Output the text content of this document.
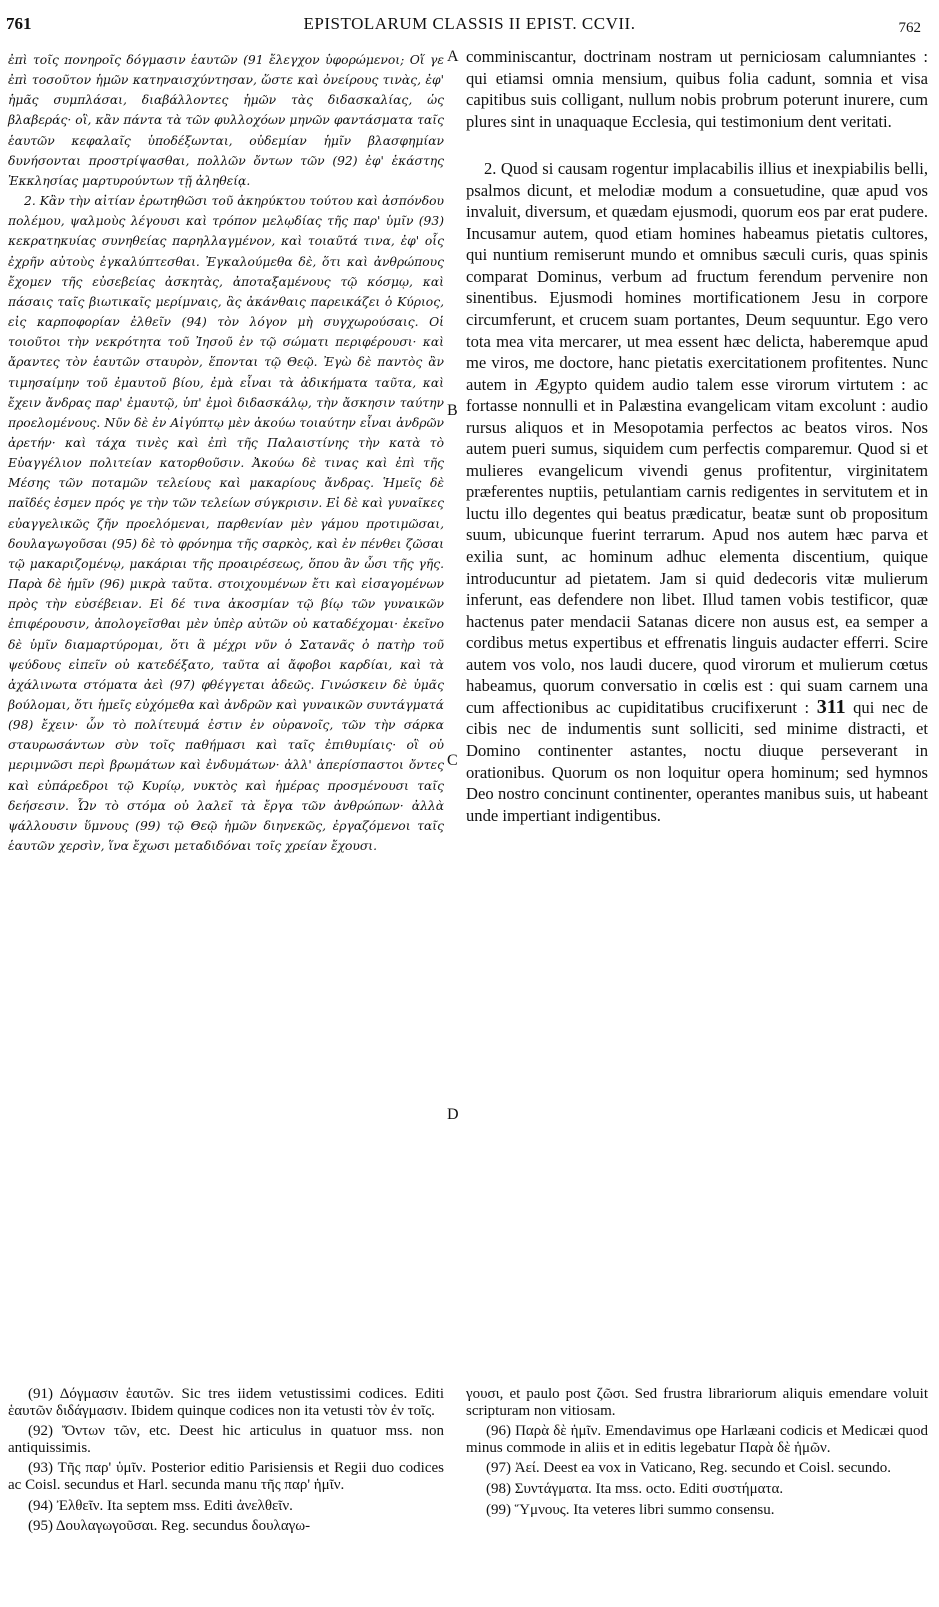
761	EPISTOLARUM CLASSIS II EPIST. CCVII.	762

ἐπὶ τοῖς πονηροῖς δόγμασιν ἑαυτῶν (91 ἔλεγχον ὑφορώμενοι; Οἵ γε ἐπὶ τοσοῦτον ἡμῶν κατηναισχύντησαν, ὥστε καὶ ὀνείρους τινὰς, ἐφ' ἡμᾶς συμπλάσαι, διαβάλλοντες ἡμῶν τὰς διδασκαλίας, ὡς βλαβεράς· οἳ, κἂν πάντα τὰ τῶν φυλλοχόων μηνῶν φαντάσματα ταῖς ἑαυτῶν κεφαλαῖς ὑποδέξωνται, οὐδεμίαν ἡμῖν βλασφημίαν δυνήσονται προστρίψασθαι, πολλῶν ὄντων τῶν (92) ἐφ' ἑκάστης Ἐκκλησίας μαρτυρούντων τῇ ἀληθείᾳ.

2. Κἂν τὴν αἰτίαν ἐρωτηθῶσι τοῦ ἀκηρύκτου τούτου καὶ ἀσπόνδου πολέμου, ψαλμοὺς λέγουσι καὶ τρόπον μελῳδίας τῆς παρ' ὑμῖν (93) κεκρατηκυίας συνηθείας παρηλλαγμένον, καὶ τοιαῦτά τινα, ἐφ' οἷς ἐχρῆν αὐτοὺς ἐγκαλύπτεσθαι. Ἐγκαλούμεθα δὲ, ὅτι καὶ ἀνθρώπους ἔχομεν τῆς εὐσεβείας ἀσκητὰς, ἀποταξαμένους τῷ κόσμῳ, καὶ πάσαις ταῖς βιωτικαῖς μερίμναις, ἃς ἀκάνθαις παρεικάζει ὁ Κύριος, εἰς καρποφορίαν ἐλθεῖν (94) τὸν λόγον μὴ συγχωρούσαις. Οἱ τοιοῦτοι τὴν νεκρότητα τοῦ Ἰησοῦ ἐν τῷ σώματι περιφέρουσι· καὶ ἄραντες τὸν ἑαυτῶν σταυρὸν, ἕπονται τῷ Θεῷ. Ἐγὼ δὲ παντὸς ἂν τιμησαίμην τοῦ ἐμαυτοῦ βίου, ἐμὰ εἶναι τὰ ἀδικήματα ταῦτα, καὶ ἔχειν ἄνδρας παρ' ἐμαυτῷ, ὑπ' ἐμοὶ διδασκάλῳ, τὴν ἄσκησιν ταύτην προελομένους. Νῦν δὲ ἐν Αἰγύπτῳ μὲν ἀκούω τοιαύτην εἶναι ἀνδρῶν ἀρετήν· καὶ τάχα τινὲς καὶ ἐπὶ τῆς Παλαιστίνης τὴν κατὰ τὸ Εὐαγγέλιον πολιτείαν κατορθοῦσιν. Ἀκούω δὲ τινας καὶ ἐπὶ τῆς Μέσης τῶν ποταμῶν τελείους καὶ μακαρίους ἄνδρας. Ἡμεῖς δὲ παῖδές ἐσμεν πρός γε τὴν τῶν τελείων σύγκρισιν. Εἰ δὲ καὶ γυναῖκες εὐαγγελικῶς ζῆν προελόμεναι, παρθενίαν μὲν γάμου προτιμῶσαι, δουλαγωγοῦσαι (95) δὲ τὸ φρόνημα τῆς σαρκὸς, καὶ ἐν πένθει ζῶσαι τῷ μακαριζομένῳ, μακάριαι τῆς προαιρέσεως, ὅπου ἂν ὦσι τῆς γῆς. Παρὰ δὲ ἡμῖν (96) μικρὰ ταῦτα. στοιχουμένων ἔτι καὶ εἰσαγομένων πρὸς τὴν εὐσέβειαν. Εἰ δέ τινα ἀκοσμίαν τῷ βίῳ τῶν γυναικῶν ἐπιφέρουσιν, ἀπολογεῖσθαι μὲν ὑπὲρ αὐτῶν οὐ καταδέχομαι· ἐκεῖνο δὲ ὑμῖν διαμαρτύρομαι, ὅτι ἃ μέχρι νῦν ὁ Σατανᾶς ὁ πατὴρ τοῦ ψεύδους εἰπεῖν οὐ κατεδέξατο, ταῦτα αἱ ἄφοβοι καρδίαι, καὶ τὰ ἀχάλινωτα στόματα ἀεὶ (97) φθέγγεται ἀδεῶς. Γινώσκειν δὲ ὑμᾶς βούλομαι, ὅτι ἡμεῖς εὐχόμεθα καὶ ἀνδρῶν καὶ γυναικῶν συντάγματά (98) ἔχειν· ὧν τὸ πολίτευμά ἐστιν ἐν οὐρανοῖς, τῶν τὴν σάρκα σταυρωσάντων σὺν τοῖς παθήμασι καὶ ταῖς ἐπιθυμίαις· οἳ οὐ μεριμνῶσι περὶ βρωμάτων καὶ ἐνδυμάτων· ἀλλ' ἀπερίσπαστοι ὄντες καὶ εὐπάρεδροι τῷ Κυρίῳ, νυκτὸς καὶ ἡμέρας προσμένουσι ταῖς δεήσεσιν. Ὧν τὸ στόμα οὐ λαλεῖ τὰ ἔργα τῶν ἀνθρώπων· ἀλλὰ ψάλλουσιν ὕμνους (99) τῷ Θεῷ ἡμῶν διηνεκῶς, ἐργαζόμενοι ταῖς ἑαυτῶν χερσὶν, ἵνα ἔχωσι μεταδιδόναι τοῖς χρείαν ἔχουσι.

A
B
C
D

comminiscantur, doctrinam nostram ut perniciosam calumniantes : qui etiamsi omnia mensium, quibus folia cadunt, somnia et visa capitibus suis colligant, nullum nobis probrum poterunt inurere, cum plures sint in unaquaque Ecclesia, qui testimonium dent veritati.

2. Quod si causam rogentur implacabilis illius et inexpiabilis belli, psalmos dicunt, et melodiæ modum a consuetudine, quæ apud vos invaluit, diversum, et quædam ejusmodi, quorum eos par erat pudere. Incusamur autem, quod etiam homines habeamus pietatis cultores, qui nuntium remiserunt mundo et omnibus sæculi curis, quas spinis comparat Dominus, verbum ad fructum ferendum pervenire non sinentibus. Ejusmodi homines mortificationem Jesu in corpore circumferunt, et crucem suam portantes, Deum sequuntur. Ego vero tota mea vita mercarer, ut mea essent hæc delicta, haberemque apud me viros, me doctore, hanc pietatis exercitationem profitentes. Nunc autem in Ægypto quidem audio talem esse virorum virtutem : ac fortasse nonnulli et in Palæstina evangelicam vitam excolunt : audio rursus aliquos et in Mesopotamia perfectos ac beatos viros. Nos autem pueri sumus, siquidem cum perfectis comparemur. Quod si et mulieres evangelicum vivendi genus profitentur, virginitatem præferentes nuptiis, petulantiam carnis redigentes in servitutem et in luctu illo degentes qui beatus prædicatur, beatæ sunt ob propositum suum, ubicunque fuerint terrarum. Apud nos autem hæc parva et exilia sunt, ac hominum adhuc elementa discentium, quique introducuntur ad pietatem. Jam si quid dedecoris vitæ mulierum inferunt, eas defendere non libet. Illud tamen vobis testificor, quæ hactenus pater mendacii Satanas dicere non ausus est, ea semper a cordibus metus expertibus et effrenatis linguis audacter efferri. Scire autem vos volo, nos laudi ducere, quod virorum et mulierum cœtus habeamus, quorum conversatio in cœlis est : qui suam carnem una cum affectionibus ac cupiditatibus crucifixerunt : 311 qui nec de cibis nec de indumentis sunt solliciti, sed minime distracti, et Domino continenter astantes, noctu diuque perseverant in orationibus. Quorum os non loquitur opera hominum; sed hymnos Deo nostro concinunt continenter, operantes manibus suis, ut habeant unde impertiant indigentibus.

(91) Δόγμασιν ἑαυτῶν. Sic tres iidem vetustissimi codices. Editi ἑαυτῶν διδάγμασιν. Ibidem quinque codices non ita vetusti τὸν ἐν τοῖς.

(92) Ὄντων τῶν, etc. Deest hic articulus in quatuor mss. non antiquissimis.

(93) Τῆς παρ' ὑμῖν. Posterior editio Parisiensis et Regii duo codices ac Coisl. secundus et Harl. secunda manu τῆς παρ' ἡμῖν.

(94) Ἐλθεῖν. Ita septem mss. Editi ἀνελθεῖν.

(95) Δουλαγωγοῦσαι. Reg. secundus δουλαγω-

γουσι, et paulo post ζῶσι. Sed frustra librariorum aliquis emendare voluit scripturam non vitiosam.

(96) Παρὰ δὲ ἡμῖν. Emendavimus ope Harlæani codicis et Medicæi quod minus commode in aliis et in editis legebatur Παρὰ δὲ ἡμῶν.

(97) Ἀεί. Deest ea vox in Vaticano, Reg. secundo et Coisl. secundo.

(98) Συντάγματα. Ita mss. octo. Editi συστήματα.

(99) Ὕμνους. Ita veteres libri summo consensu.
